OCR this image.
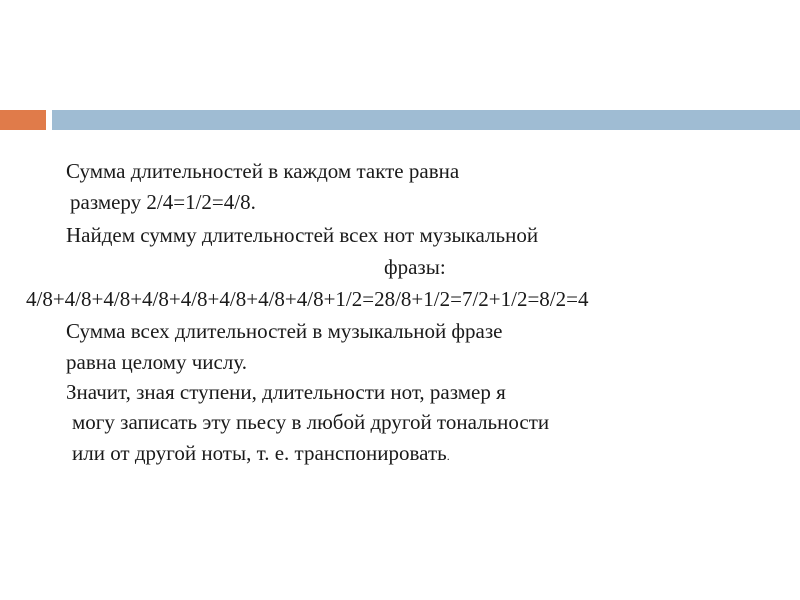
Сумма длительностей в каждом такте равна
размеру 2/4=1/2=4/8.
Найдем сумму длительностей всех нот музыкальной
фразы:
4/8+4/8+4/8+4/8+4/8+4/8+4/8+4/8+1/2=28/8+1/2=7/2+1/2=8/2=4
Сумма всех длительностей в музыкальной фразе
равна целому числу.
Значит, зная ступени, длительности нот, размер я
могу записать эту пьесу в любой другой тональности
или от другой ноты, т. е. транспонировать.
